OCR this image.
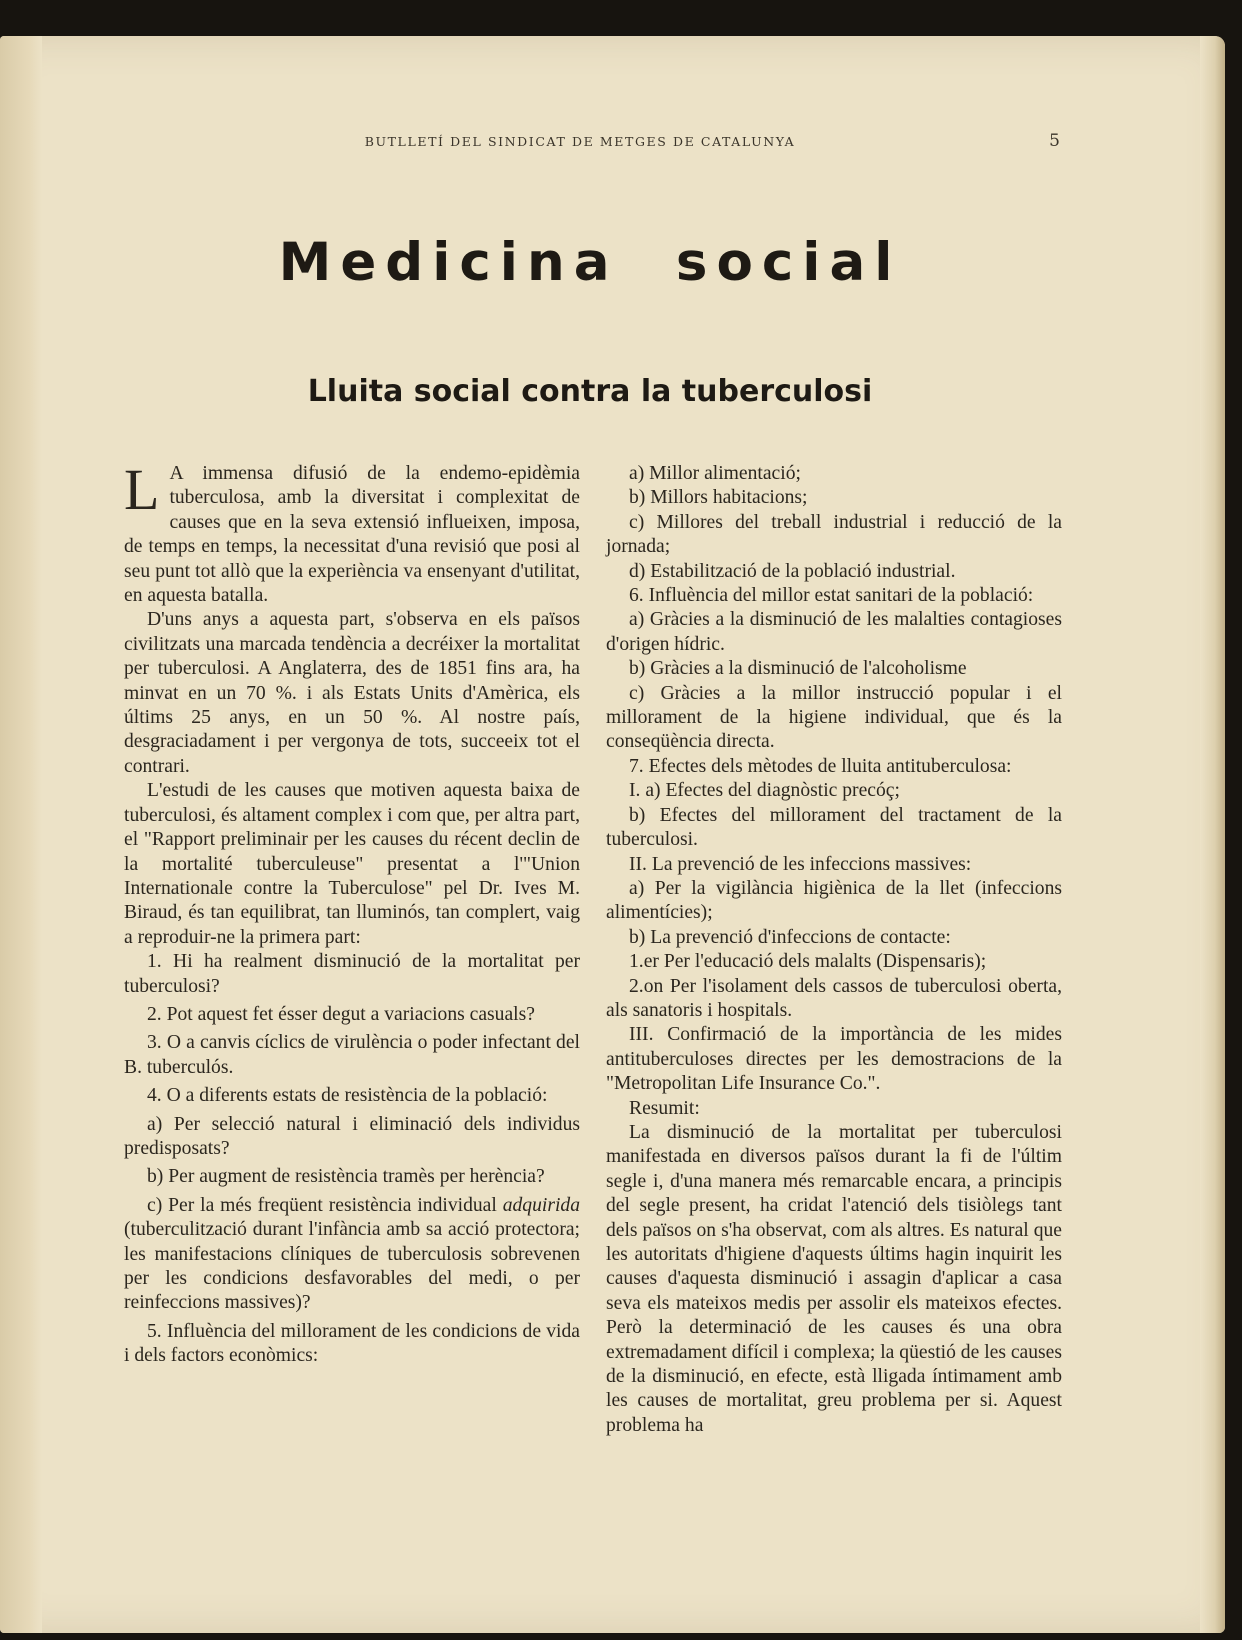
BUTLLETÍ DEL SINDICAT DE METGES DE CATALUNYA	5
Medicina social
Lluita social contra la tuberculosi

L A immensa difusió de la endemo-epidèmia tuberculosa, amb la diversitat i complexitat de causes que en la seva extensió influeixen, imposa, de temps en temps, la necessitat d'una revisió que posi al seu punt tot allò que la experiència va ensenyant d'utilitat, en aquesta batalla.

D'uns anys a aquesta part, s'observa en els països civilitzats una marcada tendència a decréixer la mortalitat per tuberculosi. A Anglaterra, des de 1851 fins ara, ha minvat en un 70 %. i als Estats Units d'Amèrica, els últims 25 anys, en un 50 %. Al nostre país, desgraciadament i per vergonya de tots, succeeix tot el contrari.

L'estudi de les causes que motiven aquesta baixa de tuberculosi, és altament complex i com que, per altra part, el "Rapport preliminair per les causes du récent declin de la mortalité tuberculeuse" presentat a l'"Union Internationale contre la Tuberculose" pel Dr. Ives M. Biraud, és tan equilibrat, tan lluminós, tan complert, vaig a reproduir-ne la primera part:

1. Hi ha realment disminució de la mortalitat per tuberculosi?

2. Pot aquest fet ésser degut a variacions casuals?

3. O a canvis cíclics de virulència o poder infectant del B. tuberculós.

4. O a diferents estats de resistència de la població:

a) Per selecció natural i eliminació dels individus predisposats?

b) Per augment de resistència tramès per herència?

c) Per la més freqüent resistència individual adquirida (tuberculització durant l'infància amb sa acció protectora; les manifestacions clíniques de tuberculosis sobrevenen per les condicions desfavorables del medi, o per reinfeccions massives)?

5. Influència del millorament de les condicions de vida i dels factors econòmics:

a) Millor alimentació;

b) Millors habitacions;

c) Millores del treball industrial i reducció de la jornada;

d) Estabilització de la població industrial.

6. Influència del millor estat sanitari de la població:

a) Gràcies a la disminució de les malalties contagioses d'origen hídric.

b) Gràcies a la disminució de l'alcoholisme

c) Gràcies a la millor instrucció popular i el millorament de la higiene individual, que és la conseqüència directa.

7. Efectes dels mètodes de lluita antituberculosa:

I. a) Efectes del diagnòstic precóç;

b) Efectes del millorament del tractament de la tuberculosi.

II. La prevenció de les infeccions massives:

a) Per la vigilància higiènica de la llet (infeccions alimentícies);

b) La prevenció d'infeccions de contacte:

1.er Per l'educació dels malalts (Dispensaris);

2.on Per l'isolament dels cassos de tuberculosi oberta, als sanatoris i hospitals.

III. Confirmació de la importància de les mides antituberculoses directes per les demostracions de la "Metropolitan Life Insurance Co.".

Resumit:

La disminució de la mortalitat per tuberculosi manifestada en diversos països durant la fi de l'últim segle i, d'una manera més remarcable encara, a principis del segle present, ha cridat l'atenció dels tisiòlegs tant dels països on s'ha observat, com als altres. Es natural que les autoritats d'higiene d'aquests últims hagin inquirit les causes d'aquesta disminució i assagin d'aplicar a casa seva els mateixos medis per assolir els mateixos efectes. Però la determinació de les causes és una obra extremadament difícil i complexa; la qüestió de les causes de la disminució, en efecte, està lligada íntimament amb les causes de mortalitat, greu problema per si. Aquest problema ha
